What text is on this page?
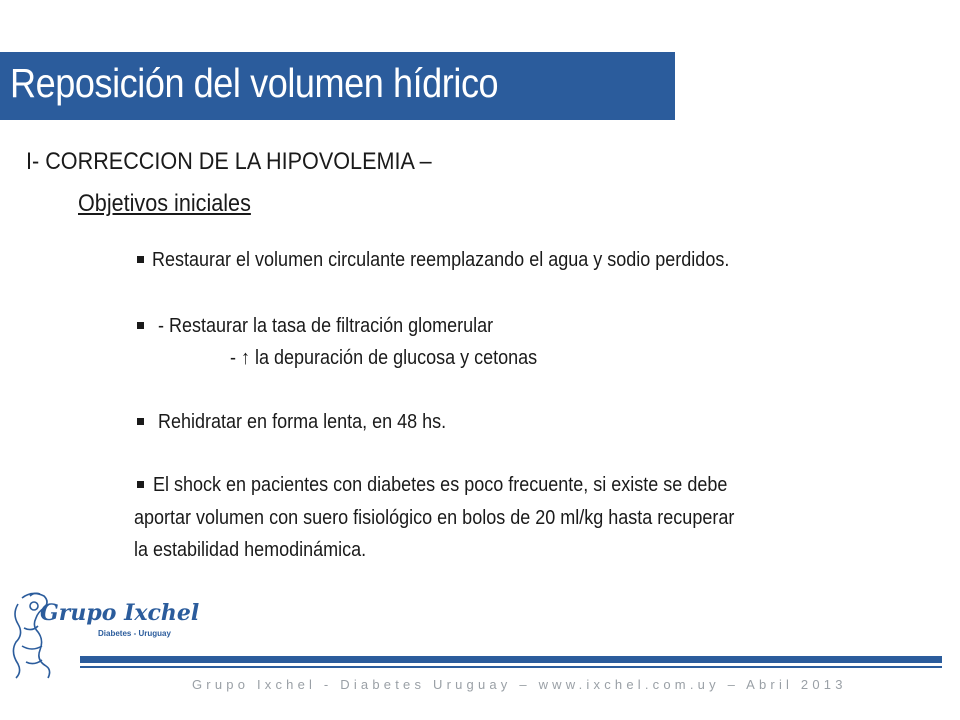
Reposición del volumen hídrico
I- CORRECCION DE LA HIPOVOLEMIA –
Objetivos iniciales
Restaurar el volumen circulante reemplazando el agua y sodio perdidos.
- Restaurar la tasa de filtración glomerular
- ↑ la depuración de glucosa y cetonas
Rehidratar en forma lenta, en 48 hs.
El shock en pacientes con diabetes es poco frecuente, si existe se debe
aportar volumen con suero fisiológico en bolos de 20 ml/kg hasta recuperar
la estabilidad hemodinámica.
Grupo Ixchel
Diabetes - Uruguay
Grupo Ixchel - Diabetes Uruguay – www.ixchel.com.uy – Abril 2013
